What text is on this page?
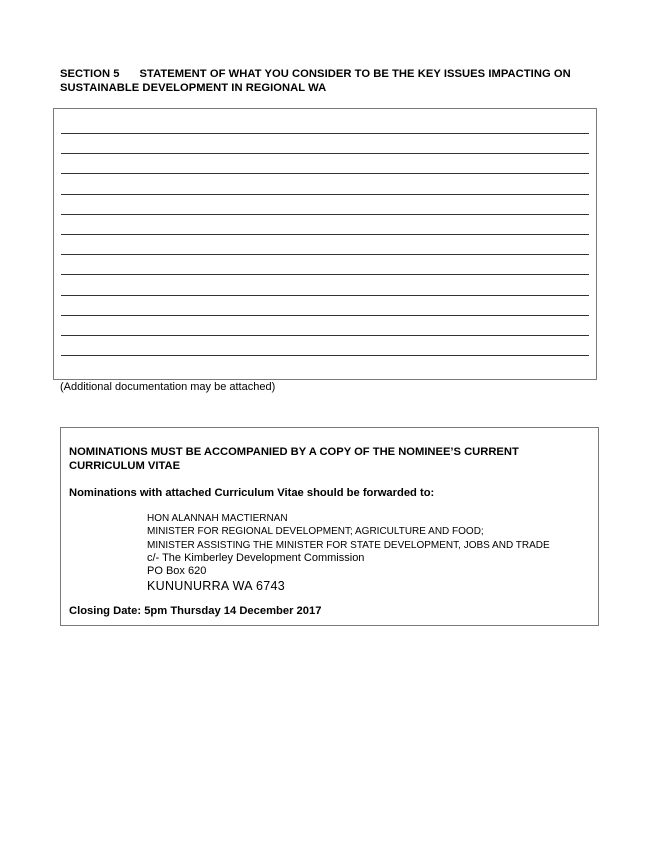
SECTION 5 STATEMENT OF WHAT YOU CONSIDER TO BE THE KEY ISSUES IMPACTING ON SUSTAINABLE DEVELOPMENT IN REGIONAL WA
(Additional documentation may be attached)
NOMINATIONS MUST BE ACCOMPANIED BY A COPY OF THE NOMINEE’S CURRENT CURRICULUM VITAE
Nominations with attached Curriculum Vitae should be forwarded to:
HON ALANNAH MACTIERNAN
MINISTER FOR REGIONAL DEVELOPMENT; AGRICULTURE AND FOOD;
MINISTER ASSISTING THE MINISTER FOR STATE DEVELOPMENT, JOBS AND TRADE
c/- The Kimberley Development Commission
PO Box 620
KUNUNURRA WA 6743
Closing Date: 5pm Thursday 14 December 2017
